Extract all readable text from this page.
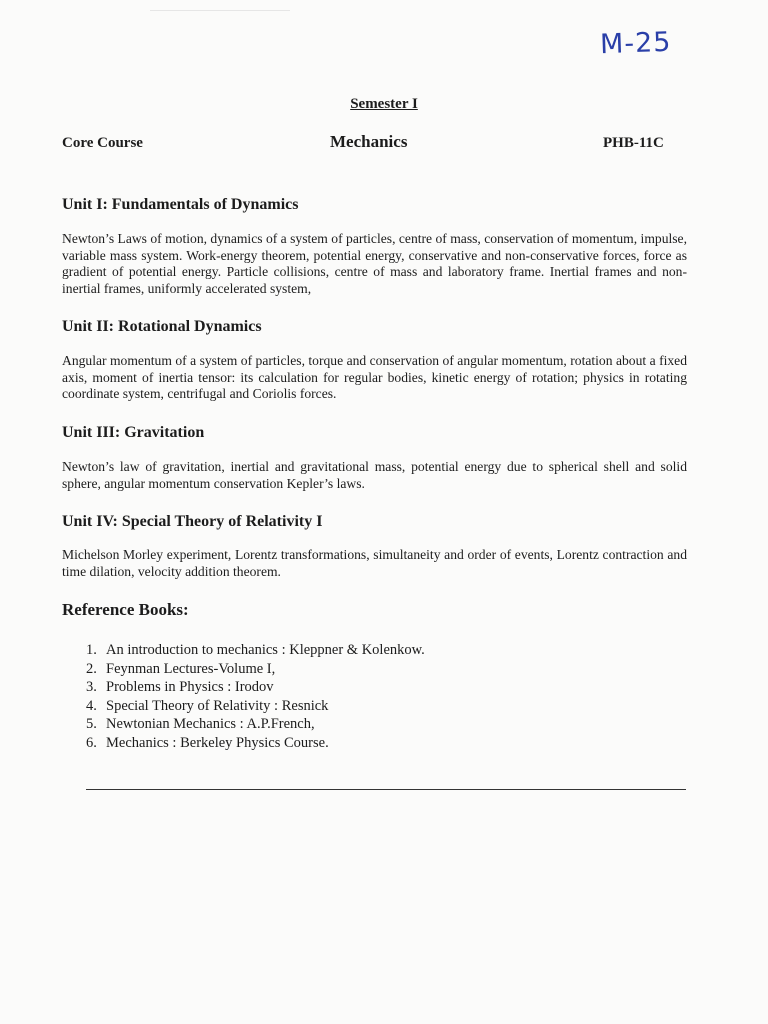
M-25
Semester I
Core Course	Mechanics	PHB-11C
Unit I: Fundamentals of Dynamics

Newton’s Laws of motion, dynamics of a system of particles, centre of mass, conservation of momentum, impulse, variable mass system. Work-energy theorem, potential energy, conservative and non-conservative forces, force as gradient of potential energy. Particle collisions, centre of mass and laboratory frame. Inertial frames and non-inertial frames, uniformly accelerated system,

Unit II: Rotational Dynamics

Angular momentum of a system of particles, torque and conservation of angular momentum, rotation about a fixed axis, moment of inertia tensor: its calculation for regular bodies, kinetic energy of rotation; physics in rotating coordinate system, centrifugal and Coriolis forces.

Unit III: Gravitation

Newton’s law of gravitation, inertial and gravitational mass, potential energy due to spherical shell and solid sphere, angular momentum conservation Kepler’s laws.

Unit IV: Special Theory of Relativity I

Michelson Morley experiment, Lorentz transformations, simultaneity and order of events, Lorentz contraction and time dilation, velocity addition theorem.

Reference Books:
1. An introduction to mechanics : Kleppner & Kolenkow.
2. Feynman Lectures-Volume I,
3. Problems in Physics : Irodov
4. Special Theory of Relativity : Resnick
5. Newtonian Mechanics : A.P.French,
6. Mechanics : Berkeley Physics Course.
